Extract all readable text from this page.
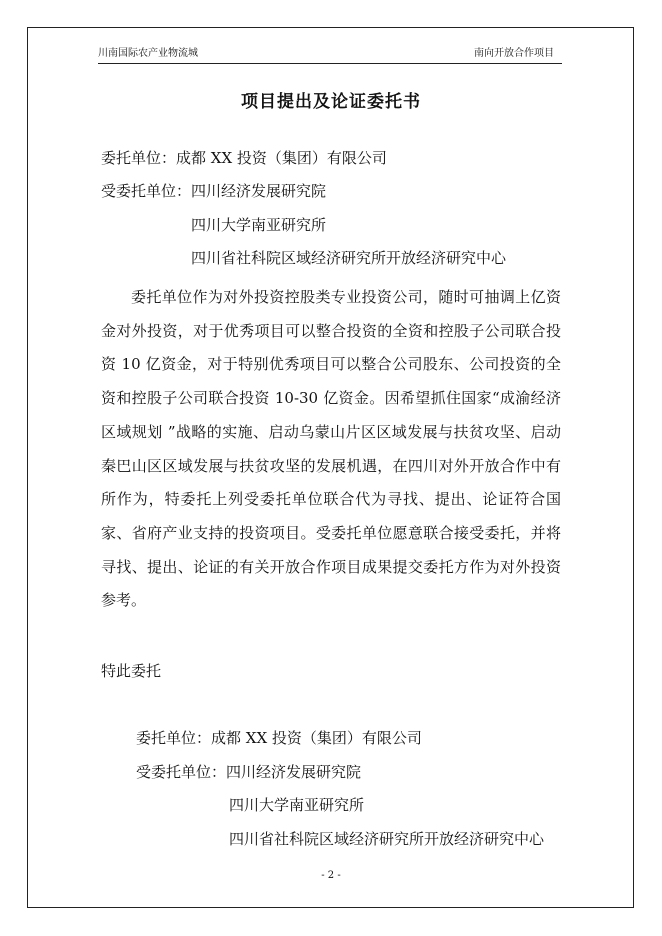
川南国际农产业物流城	南向开放合作项目
项目提出及论证委托书
委托单位：成都 XX 投资（集团）有限公司
受委托单位：四川经济发展研究院
四川大学南亚研究所
四川省社科院区域经济研究所开放经济研究中心
委托单位作为对外投资控股类专业投资公司，随时可抽调上亿资金对外投资，对于优秀项目可以整合投资的全资和控股子公司联合投资 10 亿资金，对于特别优秀项目可以整合公司股东、公司投资的全资和控股子公司联合投资 10-30 亿资金。因希望抓住国家“成渝经济区域规划 ”战略的实施、启动乌蒙山片区区域发展与扶贫攻坚、启动秦巴山区区域发展与扶贫攻坚的发展机遇，在四川对外开放合作中有所作为，特委托上列受委托单位联合代为寻找、提出、论证符合国家、省府产业支持的投资项目。受委托单位愿意联合接受委托，并将寻找、提出、论证的有关开放合作项目成果提交委托方作为对外投资参考。
特此委托
委托单位：成都 XX 投资（集团）有限公司
受委托单位：四川经济发展研究院
四川大学南亚研究所
四川省社科院区域经济研究所开放经济研究中心
- 2 -
